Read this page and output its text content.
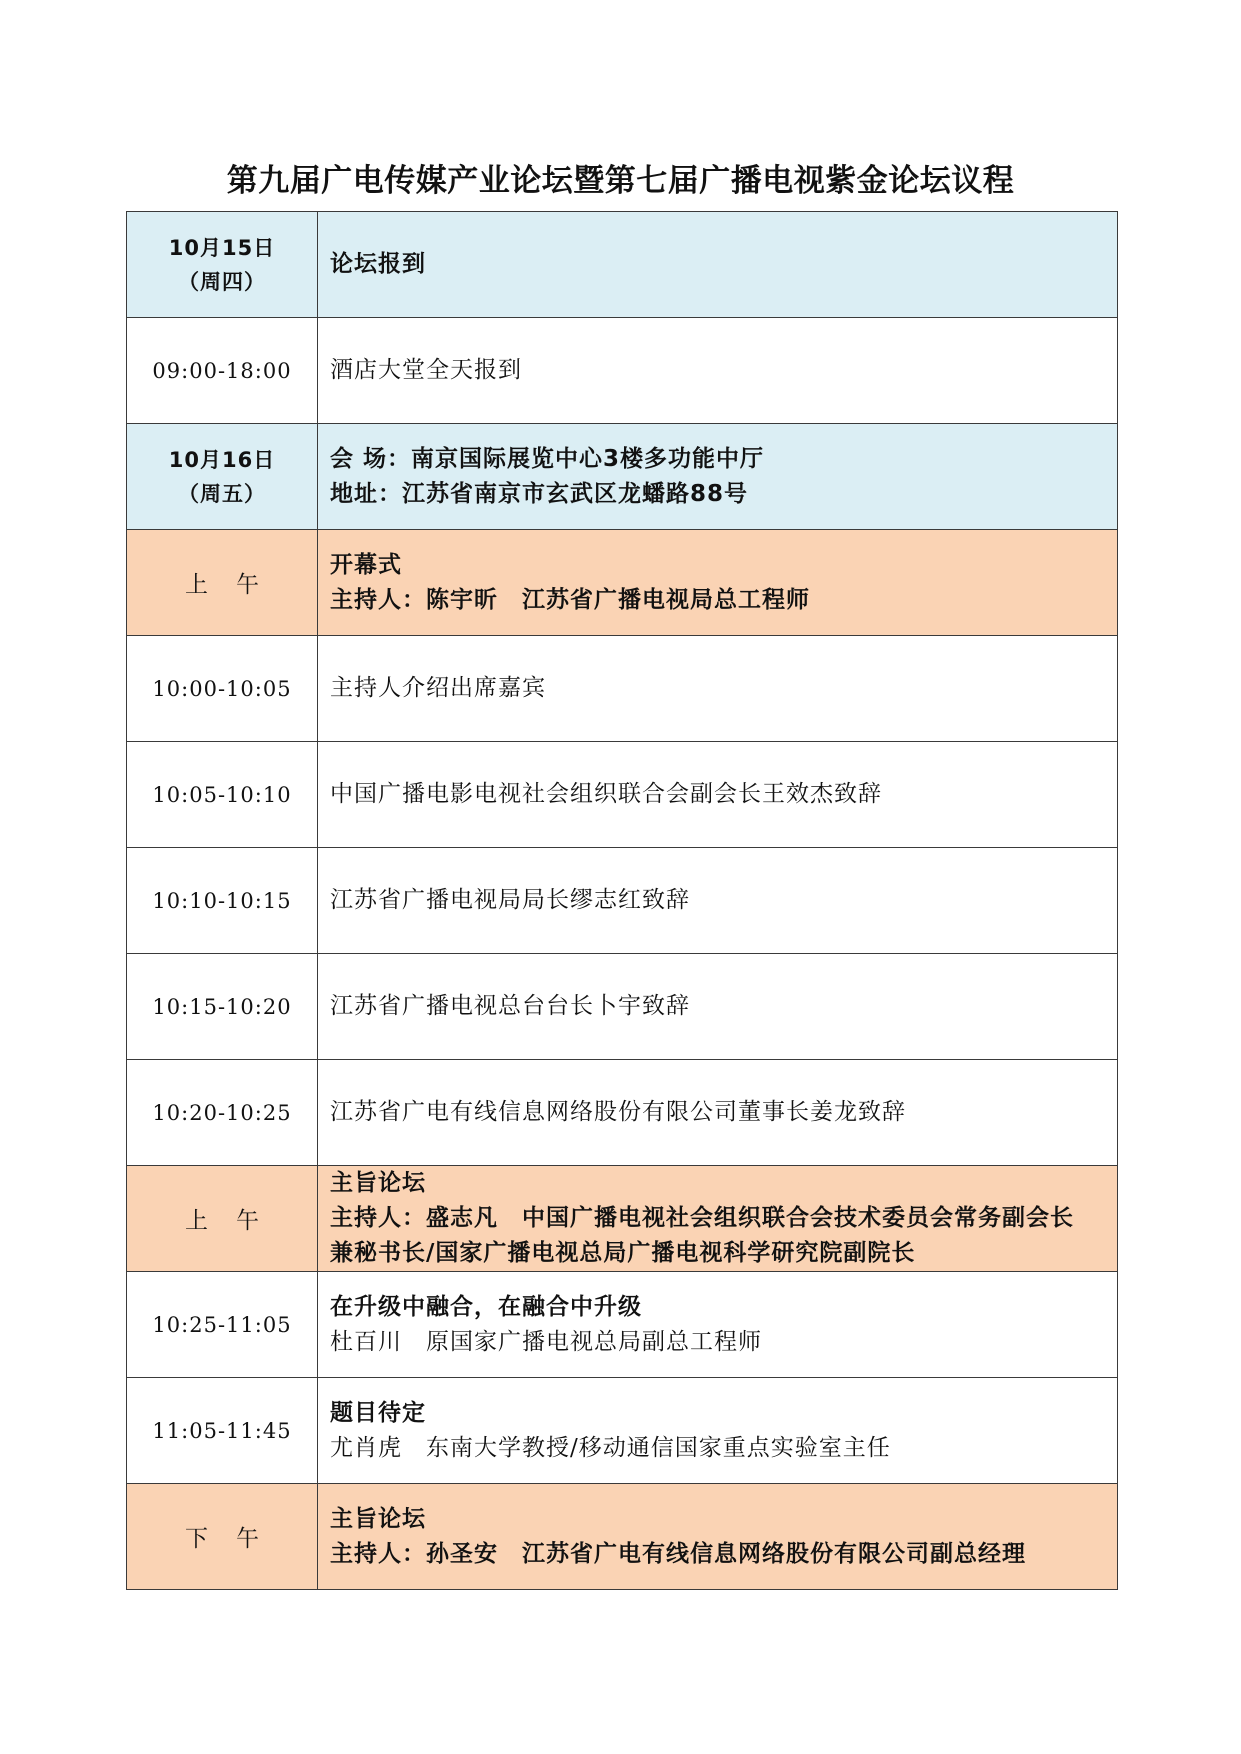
第九届广电传媒产业论坛暨第七届广播电视紫金论坛议程
10月15日
（周四）	论坛报到

09:00-18:00	酒店大堂全天报到

10月16日
（周五）	会 场：南京国际展览中心3楼多功能中厅
地址：江苏省南京市玄武区龙蟠路88号

上午	开幕式
主持人：陈宇昕　江苏省广播电视局总工程师

10:00-10:05	主持人介绍出席嘉宾

10:05-10:10	中国广播电影电视社会组织联合会副会长王效杰致辞

10:10-10:15	江苏省广播电视局局长缪志红致辞

10:15-10:20	江苏省广播电视总台台长卜宇致辞

10:20-10:25	江苏省广电有线信息网络股份有限公司董事长姜龙致辞

上午	主旨论坛
主持人：盛志凡　中国广播电视社会组织联合会技术委员会常务副会长
兼秘书长/国家广播电视总局广播电视科学研究院副院长

10:25-11:05	在升级中融合，在融合中升级
杜百川　原国家广播电视总局副总工程师

11:05-11:45	题目待定
尤肖虎　东南大学教授/移动通信国家重点实验室主任

下午	主旨论坛
主持人：孙圣安　江苏省广电有线信息网络股份有限公司副总经理
